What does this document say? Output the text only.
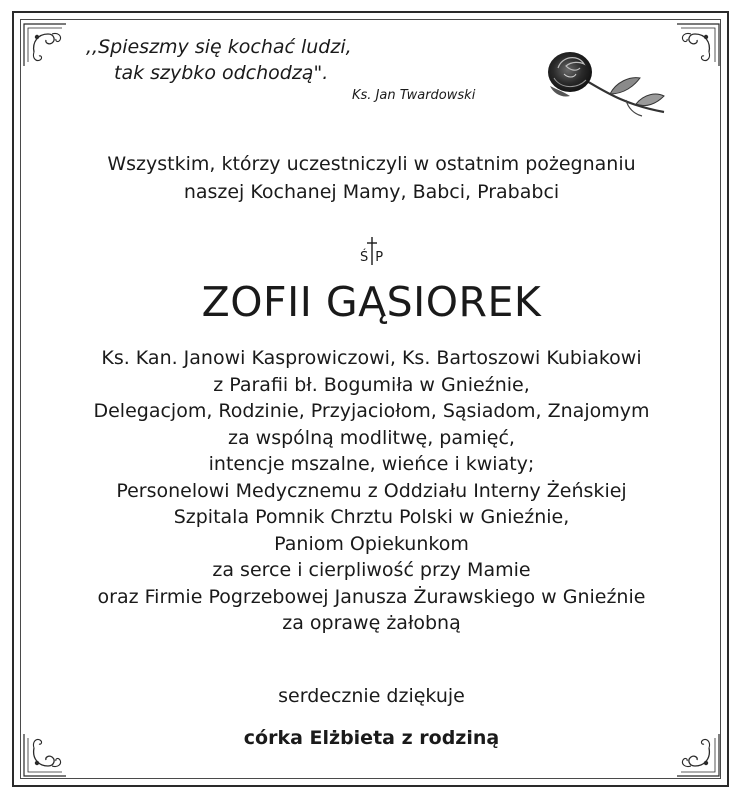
,,Spieszmy się kochać ludzi,
tak szybko odchodzą".
Ks. Jan Twardowski
Wszystkim, którzy uczestniczyli w ostatnim pożegnaniu
naszej Kochanej Mamy, Babci, Prababci
ŚP
ZOFII GĄSIOREK
Ks. Kan. Janowi Kasprowiczowi, Ks. Bartoszowi Kubiakowi
z Parafii bł. Bogumiła w Gnieźnie,
Delegacjom, Rodzinie, Przyjaciołom, Sąsiadom, Znajomym
za wspólną modlitwę, pamięć,
intencje mszalne, wieńce i kwiaty;
Personelowi Medycznemu z Oddziału Interny Żeńskiej
Szpitala Pomnik Chrztu Polski w Gnieźnie,
Paniom Opiekunkom
za serce i cierpliwość przy Mamie
oraz Firmie Pogrzebowej Janusza Żurawskiego w Gnieźnie
za oprawę żałobną
serdecznie dziękuje
córka Elżbieta z rodziną
